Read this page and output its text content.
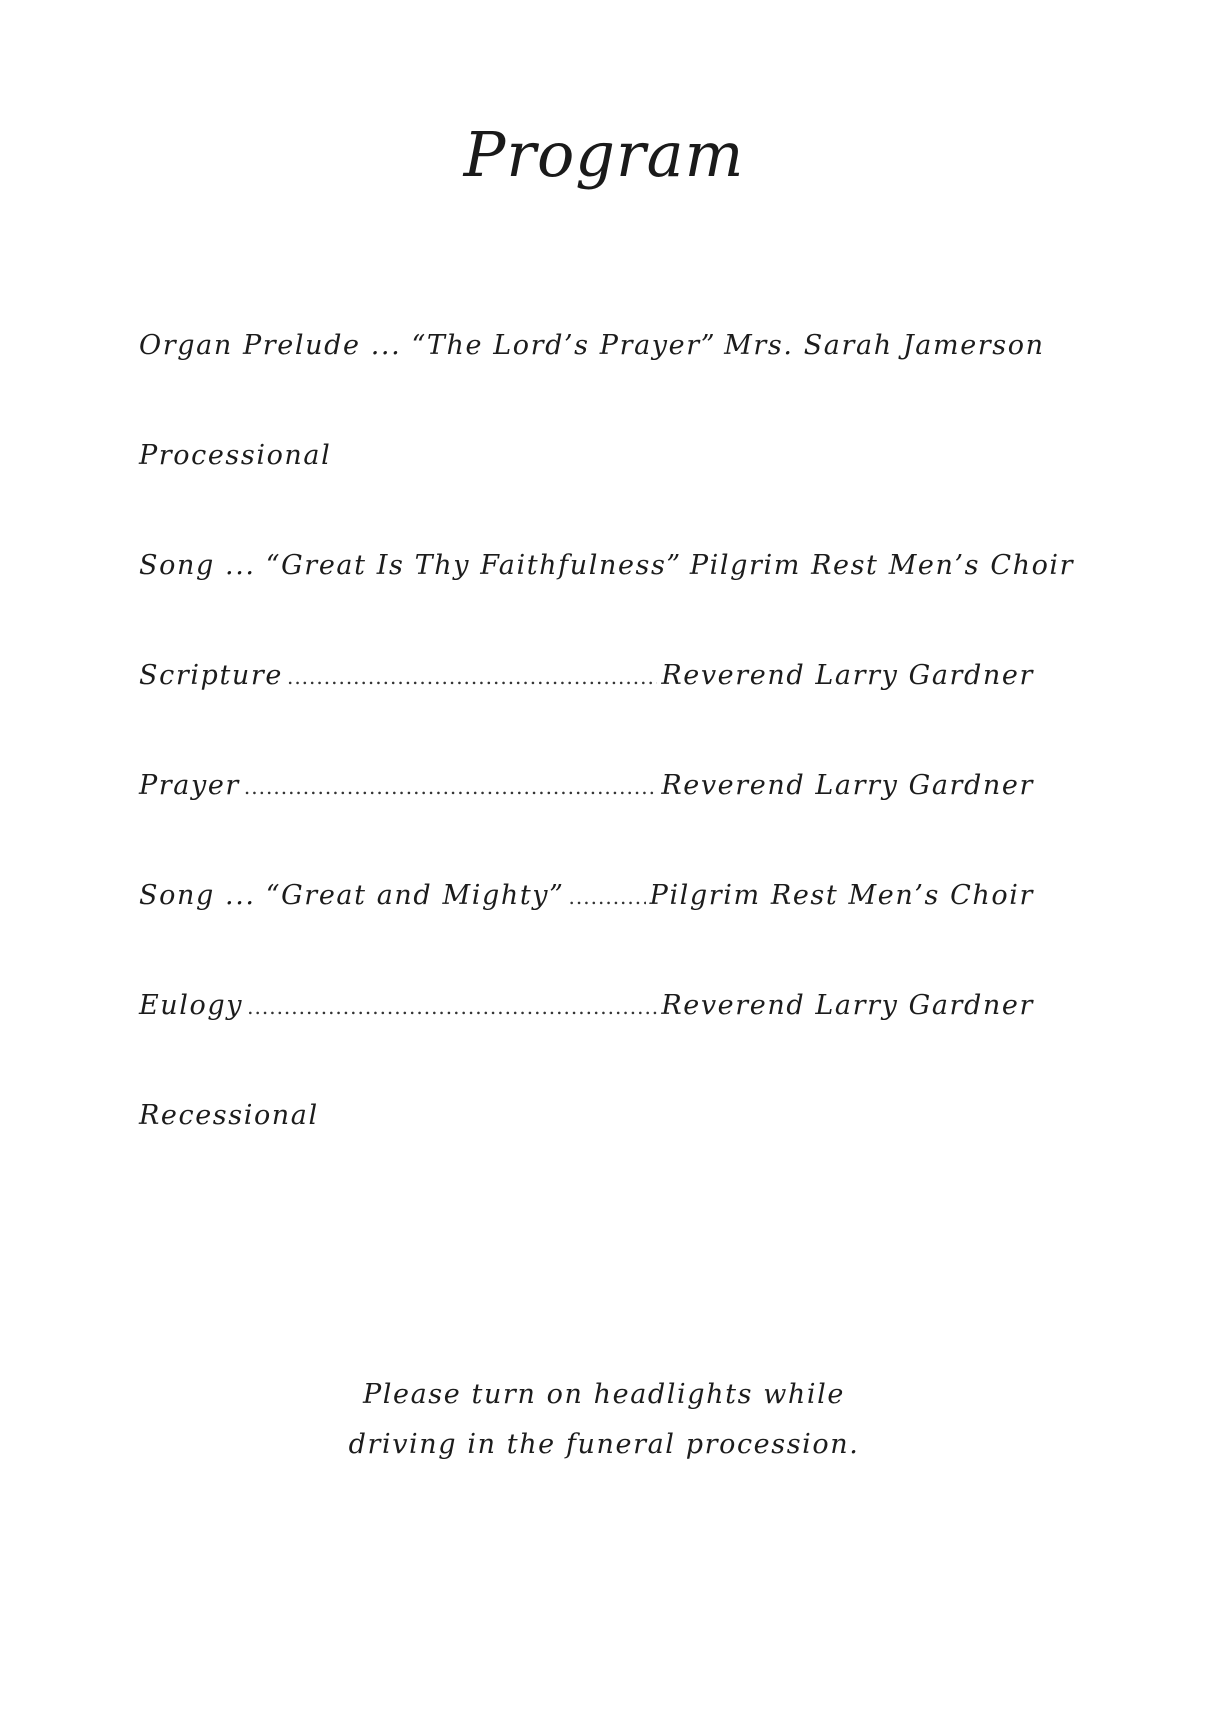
Program
Organ Prelude ... “The Lord’s Prayer” Mrs. Sarah Jamerson
Processional
Song ... “Great Is Thy Faithfulness” Pilgrim Rest Men’s Choir
Scripture .....	Reverend Larry Gardner
Prayer .....	Reverend Larry Gardner
Song ... “Great and Mighty” .....	Pilgrim Rest Men’s Choir
Eulogy .....	Reverend Larry Gardner
Recessional
Please turn on headlights while
driving in the funeral procession.
